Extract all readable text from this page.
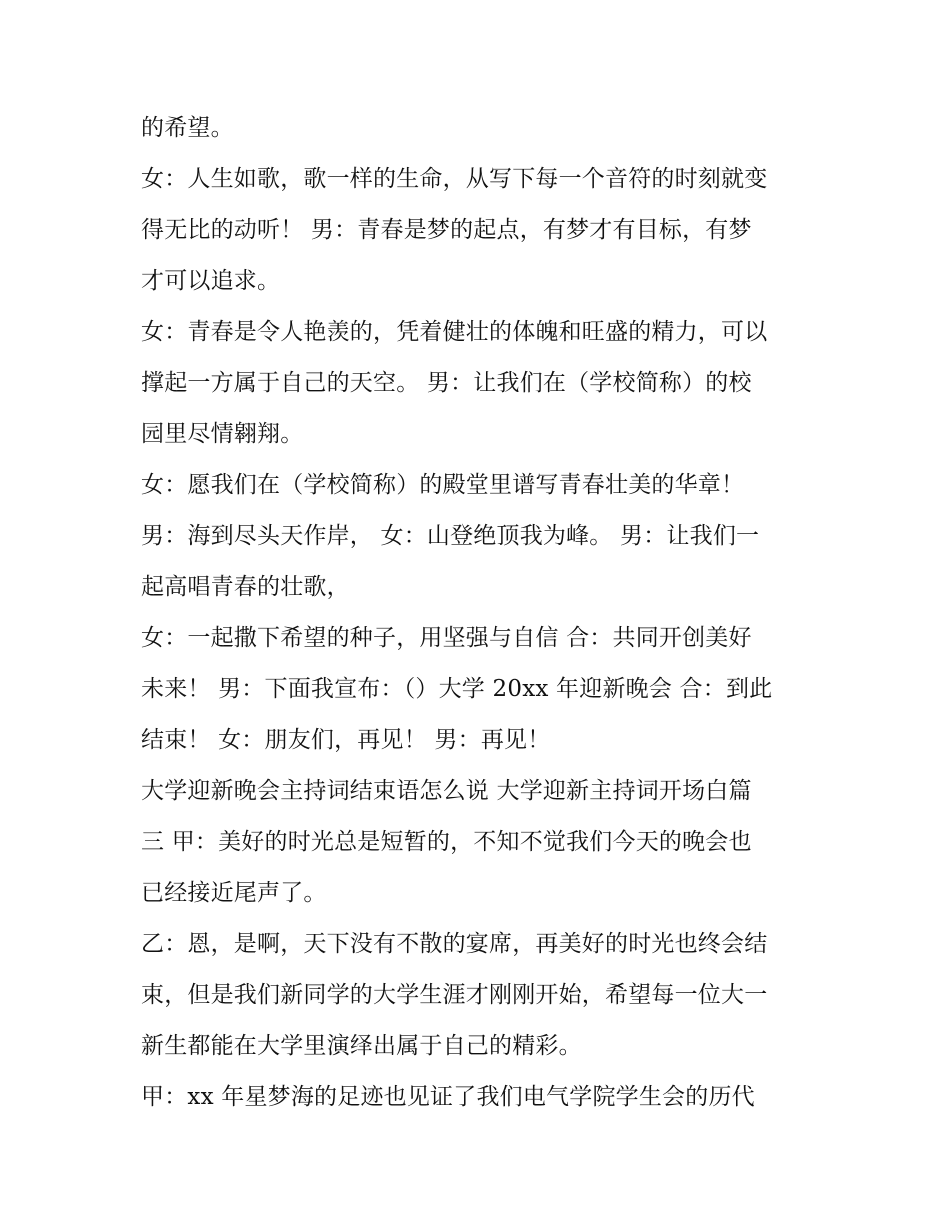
的希望。
女：人生如歌，歌一样的生命，从写下每一个音符的时刻就变
得无比的动听！ 男：青春是梦的起点，有梦才有目标，有梦
才可以追求。
女：青春是令人艳羡的，凭着健壮的体魄和旺盛的精力，可以
撑起一方属于自己的天空。 男：让我们在（学校简称）的校
园里尽情翱翔。
女：愿我们在（学校简称）的殿堂里谱写青春壮美的华章！
男：海到尽头天作岸， 女：山登绝顶我为峰。 男：让我们一
起高唱青春的壮歌，
女：一起撒下希望的种子，用坚强与自信 合：共同开创美好
未来！ 男：下面我宣布：（）大学 20xx 年迎新晚会 合：到此
结束！ 女：朋友们，再见！ 男：再见！
大学迎新晚会主持词结束语怎么说 大学迎新主持词开场白篇
三 甲：美好的时光总是短暂的，不知不觉我们今天的晚会也
已经接近尾声了。
乙：恩，是啊，天下没有不散的宴席，再美好的时光也终会结
束，但是我们新同学的大学生涯才刚刚开始，希望每一位大一
新生都能在大学里演绎出属于自己的精彩。
甲：xx 年星梦海的足迹也见证了我们电气学院学生会的历代
